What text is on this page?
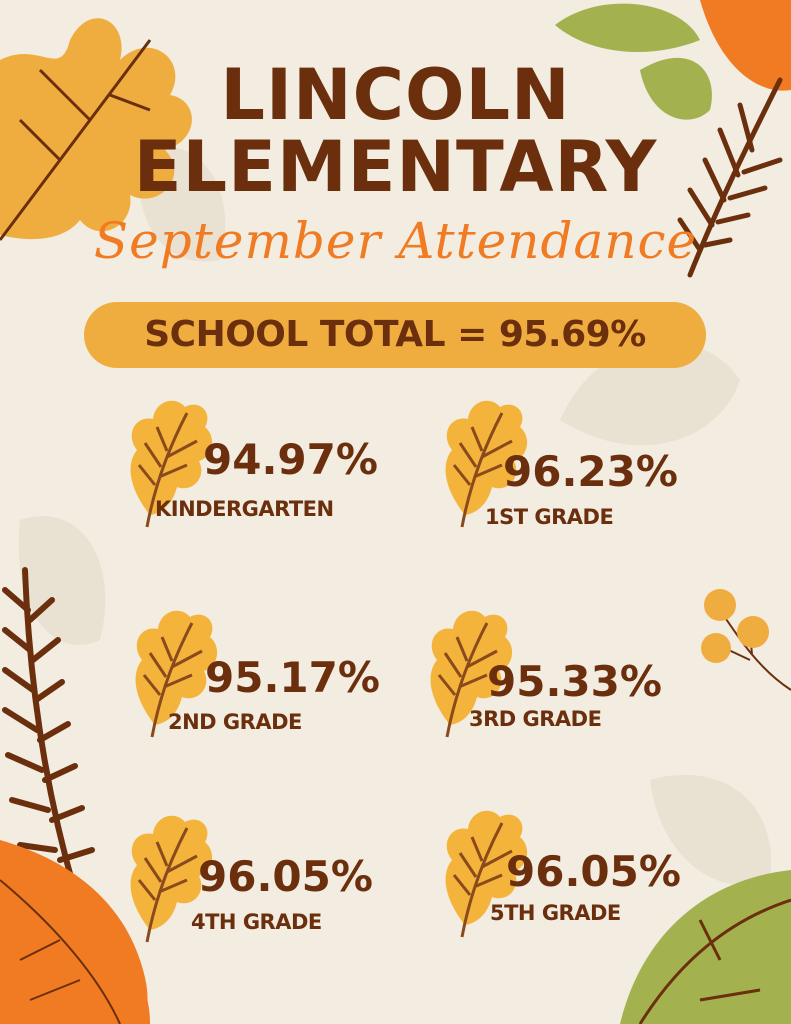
LINCOLN
ELEMENTARY
September Attendance
SCHOOL TOTAL = 95.69%
94.97%
KINDERGARTEN
96.23%
1ST GRADE
95.17%
2ND GRADE
95.33%
3RD GRADE
96.05%
4TH GRADE
96.05%
5TH GRADE
